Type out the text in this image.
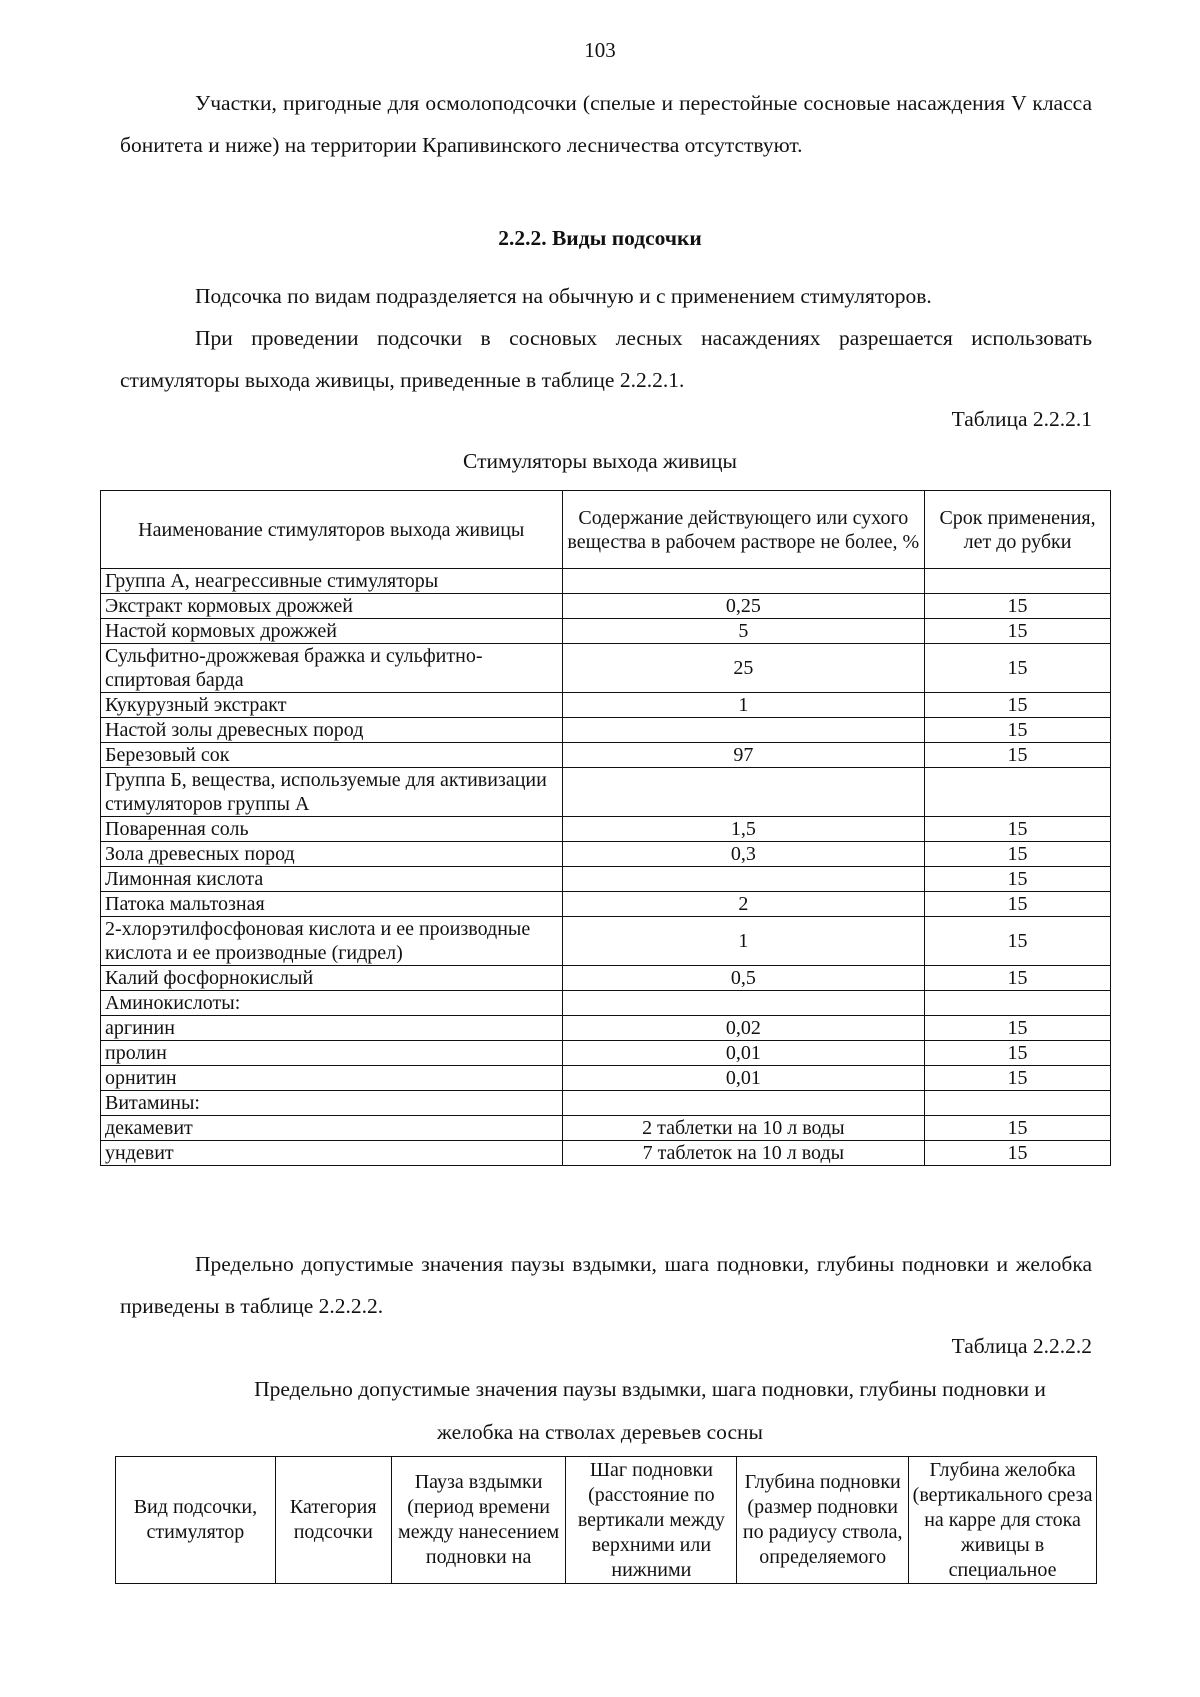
103

Участки, пригодные для осмолоподсочки (спелые и перестойные сосновые насаждения V класса бонитета и ниже) на территории Крапивинского лесничества отсутствуют.

2.2.2. Виды подсочки

Подсочка по видам подразделяется на обычную и с применением стимуляторов.

При проведении подсочки в сосновых лесных насаждениях разрешается использовать стимуляторы выхода живицы, приведенные в таблице 2.2.2.1.

Таблица 2.2.2.1
Стимуляторы выхода живицы
Наименование стимуляторов выхода живицы	Содержание действующего или сухого вещества в рабочем растворе не более, %	Срок применения, лет до рубки
Группа А, неагрессивные стимуляторы		
Экстракт кормовых дрожжей	0,25	15
Настой кормовых дрожжей	5	15
Сульфитно-дрожжевая бражка и сульфитно-спиртовая барда	25	15
Кукурузный экстракт	1	15
Настой золы древесных пород		15
Березовый сок	97	15
Группа Б, вещества, используемые для активизации стимуляторов группы А		
Поваренная соль	1,5	15
Зола древесных пород	0,3	15
Лимонная кислота		15
Патока мальтозная	2	15
2-хлорэтилфосфоновая кислота и ее производные кислота и ее производные (гидрел)	1	15
Калий фосфорнокислый	0,5	15
Аминокислоты:		
аргинин	0,02	15
пролин	0,01	15
орнитин	0,01	15
Витамины:		
декамевит	2 таблетки на 10 л воды	15
ундевит	7 таблеток на 10 л воды	15

Предельно допустимые значения паузы вздымки, шага подновки, глубины подновки и желобка приведены в таблице 2.2.2.2.

Таблица 2.2.2.2
Предельно допустимые значения паузы вздымки, шага подновки, глубины подновки и
желобка на стволах деревьев сосны
Вид подсочки, стимулятор	Категория подсочки	Пауза вздымки (период времени между нанесением подновки на	Шаг подновки (расстояние по вертикали между верхними или нижними	Глубина подновки (размер подновки по радиусу ствола, определяемого	Глубина желобка (вертикального среза на карре для стока живицы в специальное
